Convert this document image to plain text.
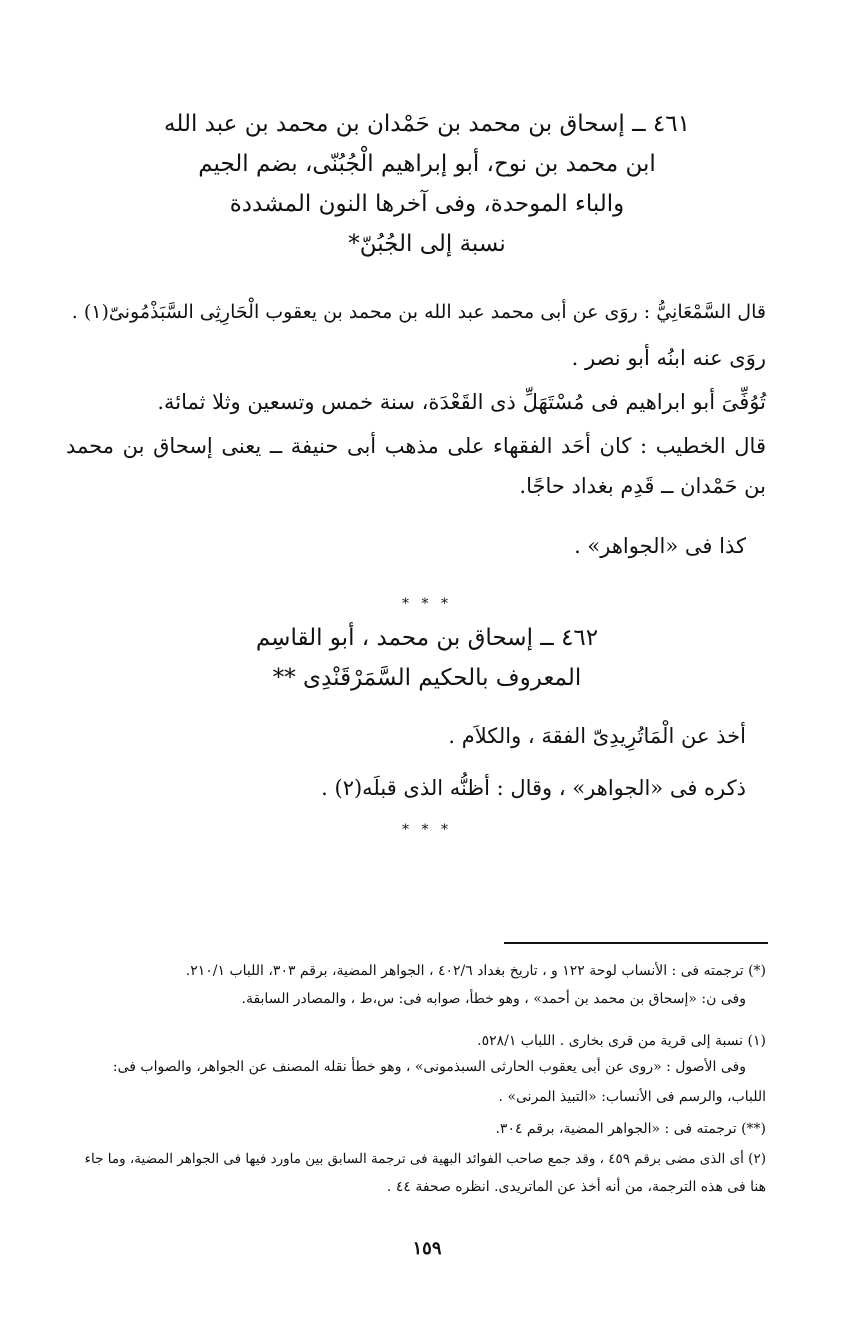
٤٦١ ــ إسحاق بن محمد بن حَمْدان بن محمد بن عبد الله
ابن محمد بن نوح، أبو إبراهيم الْجُبُنّى، بضم الجيم
والباء الموحدة، وفى آخرها النون المشددة
نسبة إلى الجُبُنّ*
قال السَّمْعَانِيُّ : روَى عن أبى محمد عبد الله بن محمد بن يعقوب الْحَارِثِى السَّبَذْمُونىّ(١) .
روَى عنه ابنُه أبو نصر .
تُوُفِّىَ أبو ابراهيم فى مُسْتَهَلِّ ذى القَعْدَة، سنة خمس وتسعين وثلا ثمائة.
قال الخطيب : كان أحَد الفقهاء على مذهب أبى حنيفة ــ يعنى إسحاق بن محمد بن حَمْدان ــ قَدِم بغداد حاجًا.
كذا فى «الجواهر» .
* * *
٤٦٢ ــ إسحاق بن محمد ، أبو القاسِم
المعروف بالحكيم السَّمَرْقَنْدِى **
أخذ عن الْمَاتُرِيدِىّ الفقهَ ، والكلاَم .
ذكره فى «الجواهر» ، وقال : أظنُّه الذى قبلَه(٢) .
* * *
(*) ترجمته فى : الأنساب لوحة ١٢٢ و ، تاريخ بغداد ٤٠٢/٦ ، الجواهر المضية، برقم ٣٠٣، اللباب ٢١٠/١.
وفى ن: «إسحاق بن محمد بن أحمد» ، وهو خطأ، صوابه فى: س،ط ، والمصادر السابقة.
(١) نسبة إلى قرية من قرى بخارى . اللباب ٥٢٨/١.
وفى الأصول : «روى عن أبى يعقوب الحارثى السبذمونى» ، وهو خطأ نقله المصنف عن الجواهر، والصواب فى:
اللباب، والرسم فى الأنساب: «التبيذ المرنى» .
(**) ترجمته فى : «الجواهر المضية، برقم ٣٠٤.
(٢) أى الذى مضى برقم ٤٥٩ ، وقد جمع صاحب الفوائد البهية فى ترجمة السابق بين ماورد فيها فى الجواهر المضية، وما جاء
هنا فى هذه الترجمة، من أنه أخذ عن الماتريدى. انظره صحفة ٤٤ .
١٥٩
